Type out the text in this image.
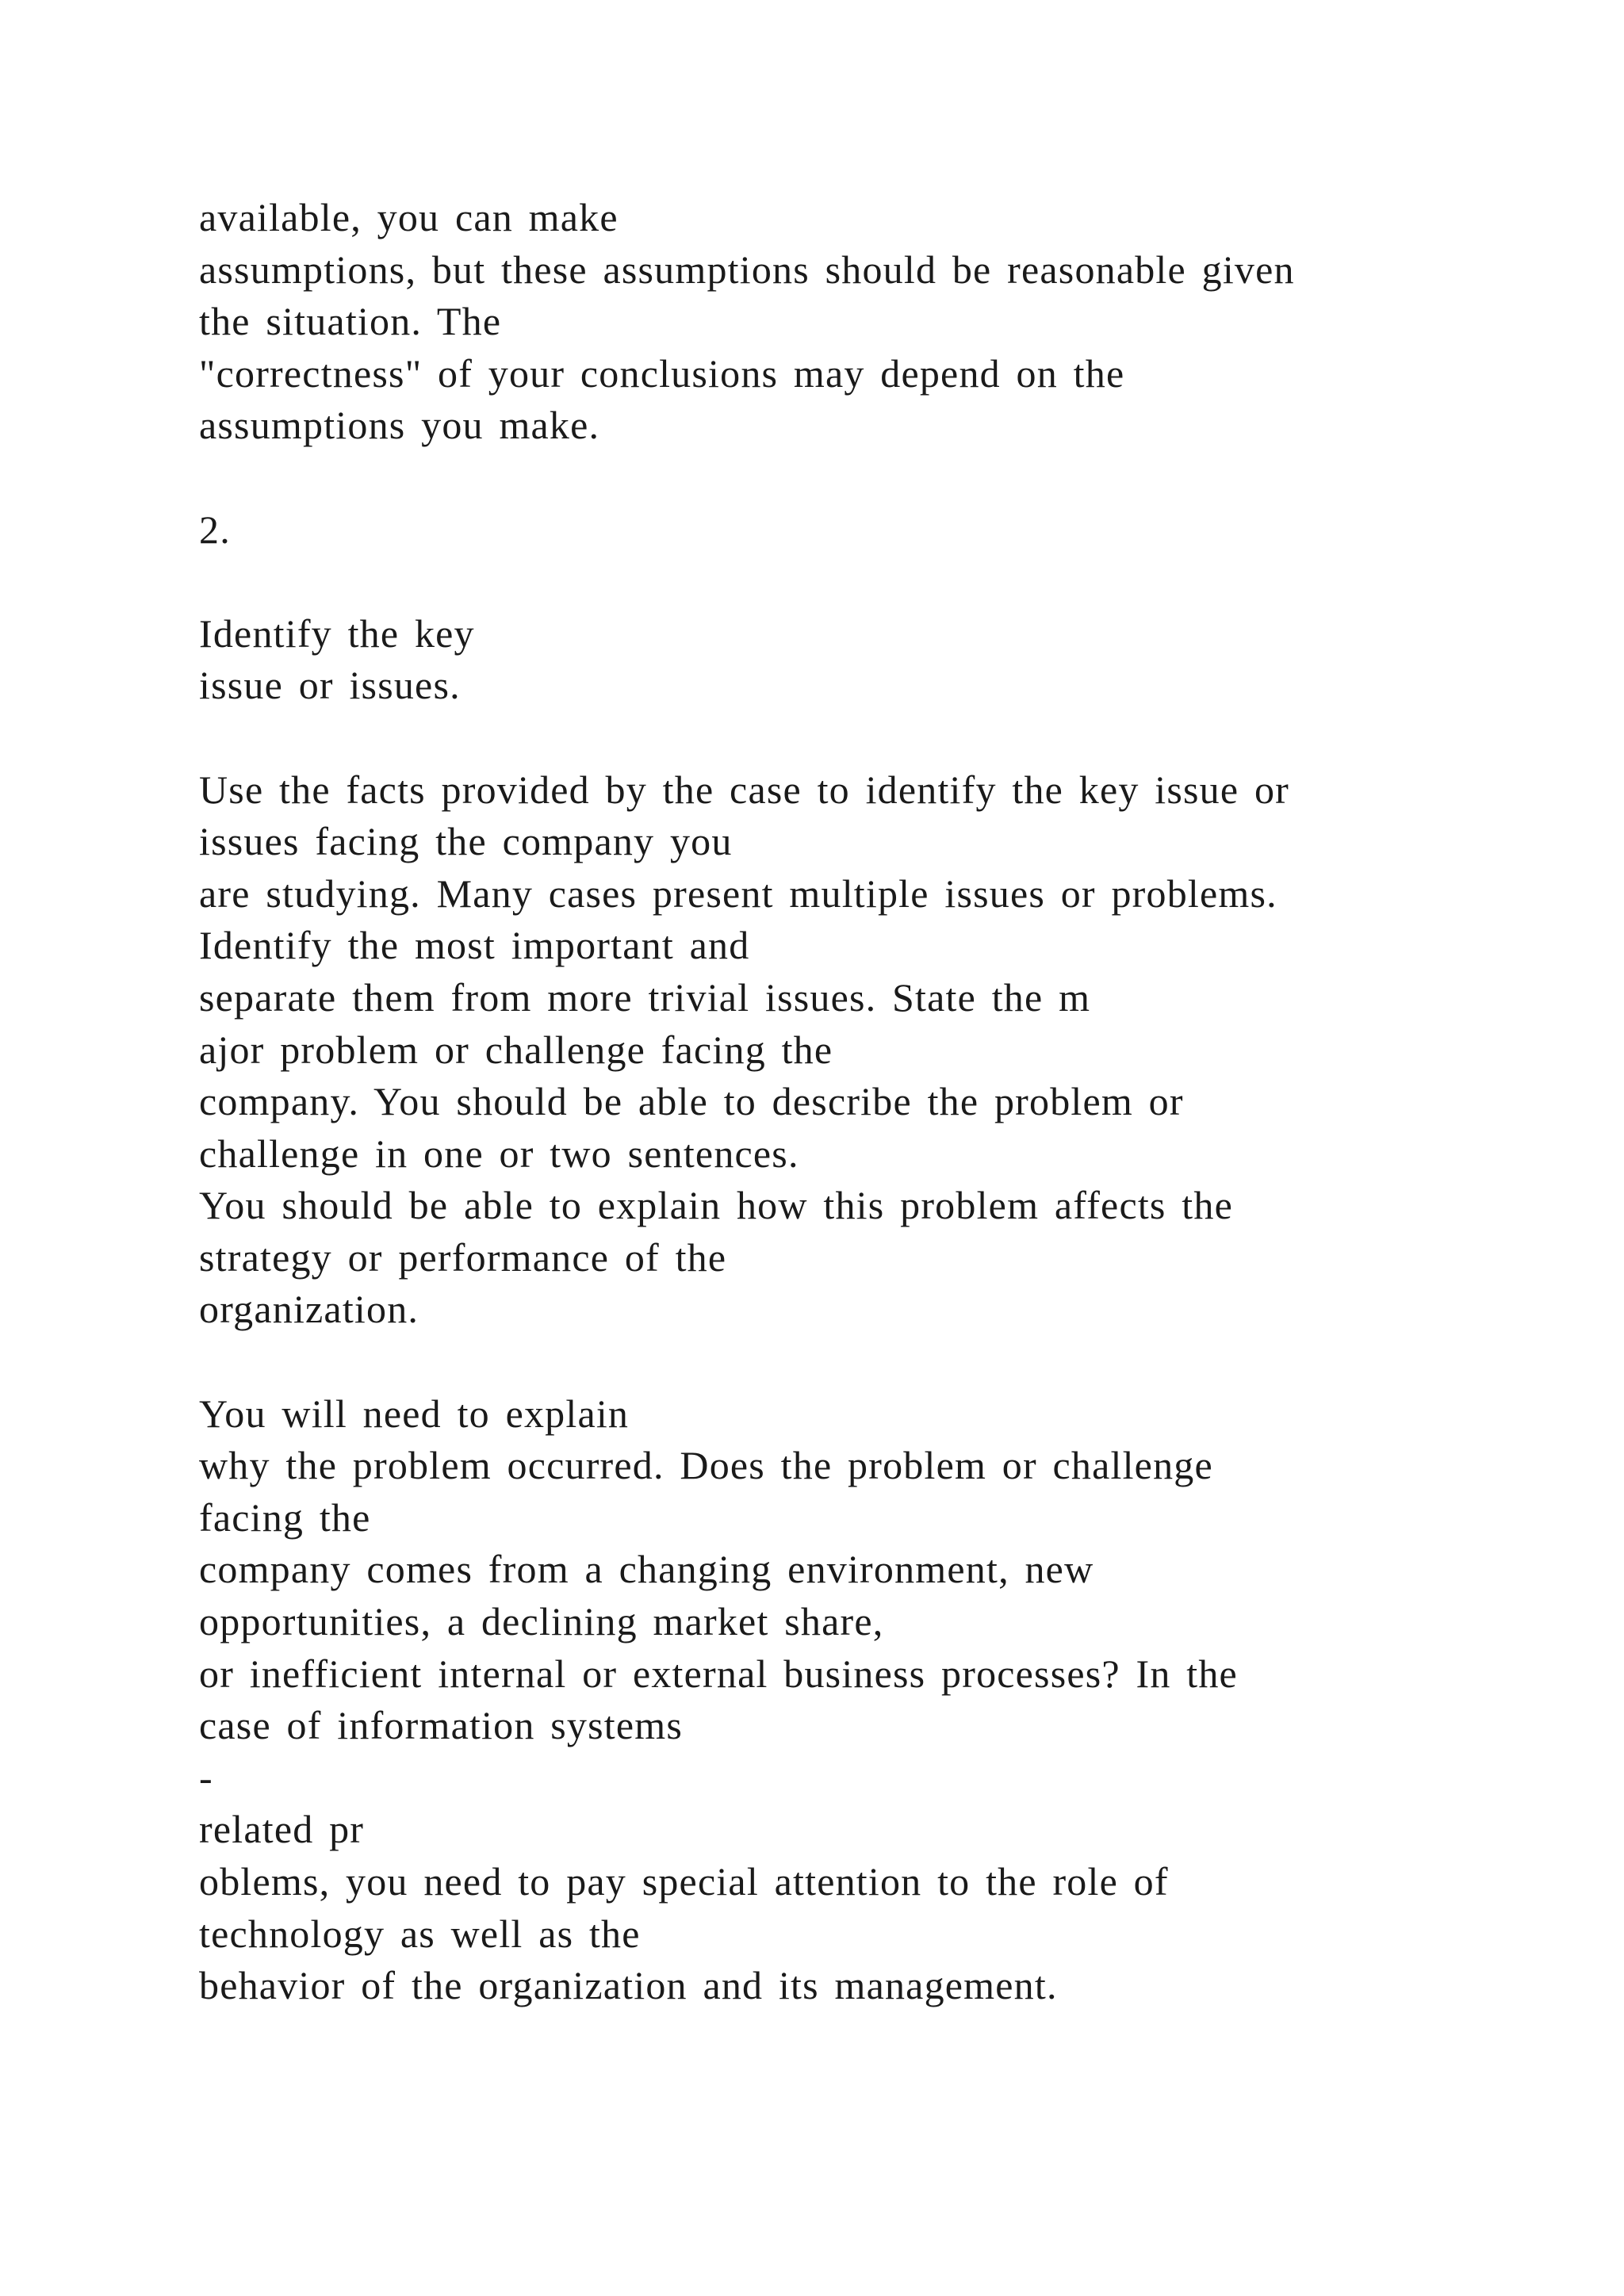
available, you can make
assumptions, but these assumptions should be reasonable given
the situation. The
"correctness" of your conclusions may depend on the
assumptions you make.
2.
Identify the key
issue or issues.
Use the facts provided by the case to identify the key issue or
issues facing the company you
are studying. Many cases present multiple issues or problems.
Identify the most important and
separate them from more trivial issues. State the m
ajor problem or challenge facing the
company. You should be able to describe the problem or
challenge in one or two sentences.
You should be able to explain how this problem affects the
strategy or performance of the
organization.
You will need to explain
why the problem occurred. Does the problem or challenge
facing the
company comes from a changing environment, new
opportunities, a declining market share,
or inefficient internal or external business processes? In the
case of information systems
-
related pr
oblems, you need to pay special attention to the role of
technology as well as the
behavior of the organization and its management.
